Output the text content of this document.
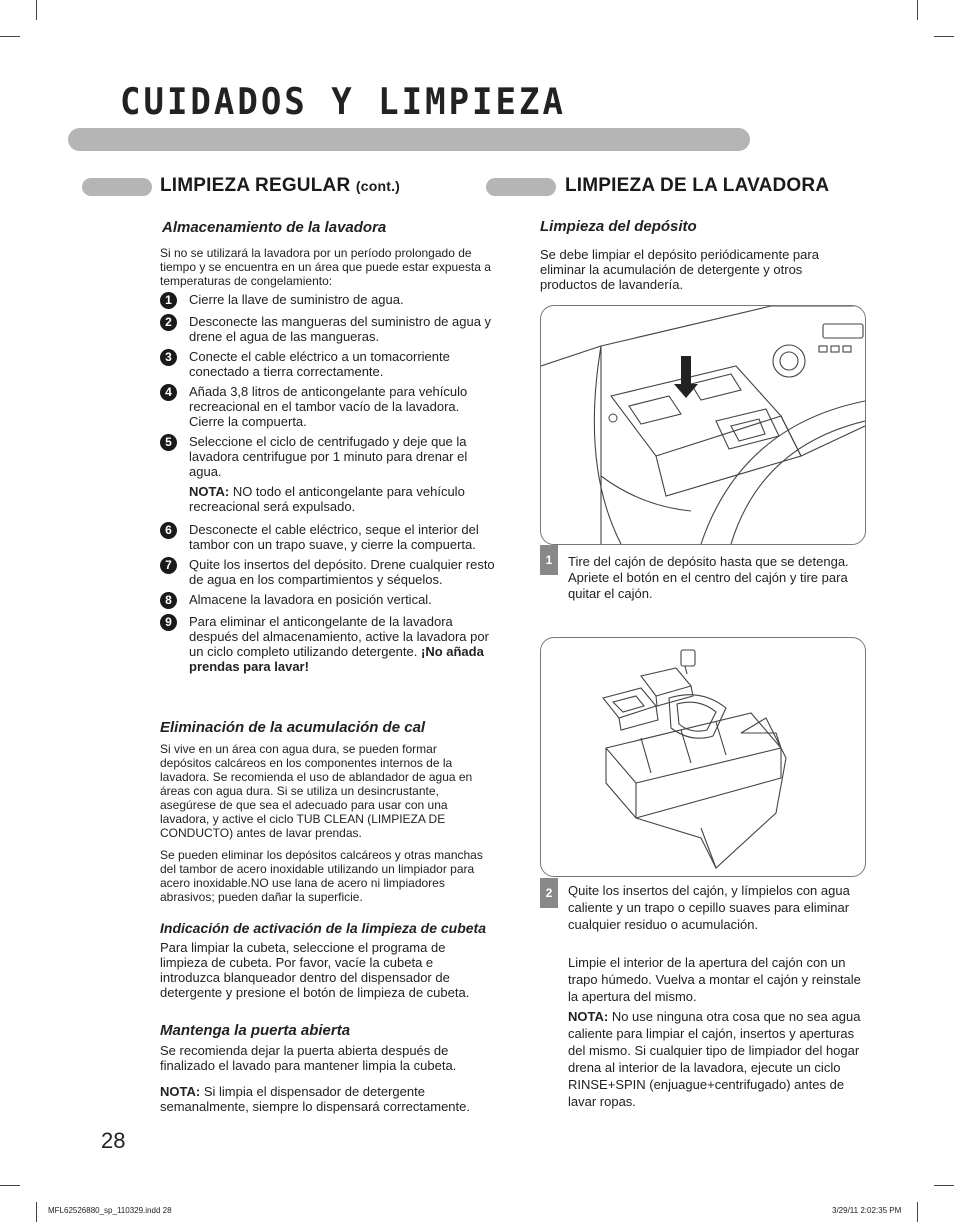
CUIDADOS Y LIMPIEZA
LIMPIEZA REGULAR (cont.)
Almacenamiento de la lavadora
Si no se utilizará la lavadora por un período prolongado de tiempo y se encuentra en un área que puede estar expuesta a temperaturas de congelamiento:
1	Cierre la llave de suministro de agua.
2	Desconecte las mangueras del suministro de agua y drene el agua de las mangueras.
3	Conecte el cable eléctrico a un tomacorriente conectado a tierra correctamente.
4	Añada 3,8 litros de anticongelante para vehículo recreacional en el tambor vacío de la lavadora. Cierre la compuerta.
5	Seleccione el ciclo de centrifugado y deje que la lavadora centrifugue por 1 minuto para drenar el agua.
NOTA: NO todo el anticongelante para vehículo recreacional será expulsado.
6	Desconecte el cable eléctrico, seque el interior del tambor con un trapo suave, y cierre la compuerta.
7	Quite los insertos del depósito. Drene cualquier resto de agua en los compartimientos y séquelos.
8	Almacene la lavadora en posición vertical.
9	Para eliminar el anticongelante de la lavadora después del almacenamiento, active la lavadora por un ciclo completo utilizando detergente. ¡No añada prendas para lavar!
Eliminación de la acumulación de cal
Si vive en un área con agua dura, se pueden formar depósitos calcáreos en los componentes internos de la lavadora. Se recomienda el uso de ablandador de agua en áreas con agua dura. Si se utiliza un desincrustante, asegúrese de que sea el adecuado para usar con una lavadora, y active el ciclo TUB CLEAN (LIMPIEZA DE CONDUCTO) antes de lavar prendas.
Se pueden eliminar los depósitos calcáreos y otras manchas del tambor de acero inoxidable utilizando un limpiador para acero inoxidable.NO use lana de acero ni limpiadores abrasivos; pueden dañar la superficie.
Indicación de activación de la limpieza de cubeta
Para limpiar la cubeta, seleccione el programa de limpieza de cubeta. Por favor, vacíe la cubeta e introduzca blanqueador dentro del dispensador de detergente y presione el botón de limpieza de cubeta.
Mantenga la puerta abierta
Se recomienda dejar la puerta abierta después de finalizado el lavado para mantener limpia la cubeta.
NOTA: Si limpia el dispensador de detergente semanalmente, siempre lo dispensará correctamente.
LIMPIEZA DE LA LAVADORA
Limpieza del depósito
Se debe limpiar el depósito periódicamente para eliminar la acumulación de detergente y otros productos de lavandería.
1	Tire del cajón de depósito hasta que se detenga. Apriete el botón en el centro del cajón y tire para quitar el cajón.
2	Quite los insertos del cajón, y límpielos con agua caliente y un trapo o cepillo suaves para eliminar cualquier residuo o acumulación.
Limpie el interior de la apertura del cajón con un trapo húmedo. Vuelva a montar el cajón y reinstale la apertura del mismo.
NOTA: No use ninguna otra cosa que no sea agua caliente para limpiar el cajón, insertos y aperturas del mismo. Si cualquier tipo de limpiador del hogar drena al interior de la lavadora, ejecute un ciclo RINSE+SPIN (enjuague+centrifugado) antes de lavar ropas.
28
MFL62526880_sp_110329.indd 28	3/29/11 2:02:35 PM
